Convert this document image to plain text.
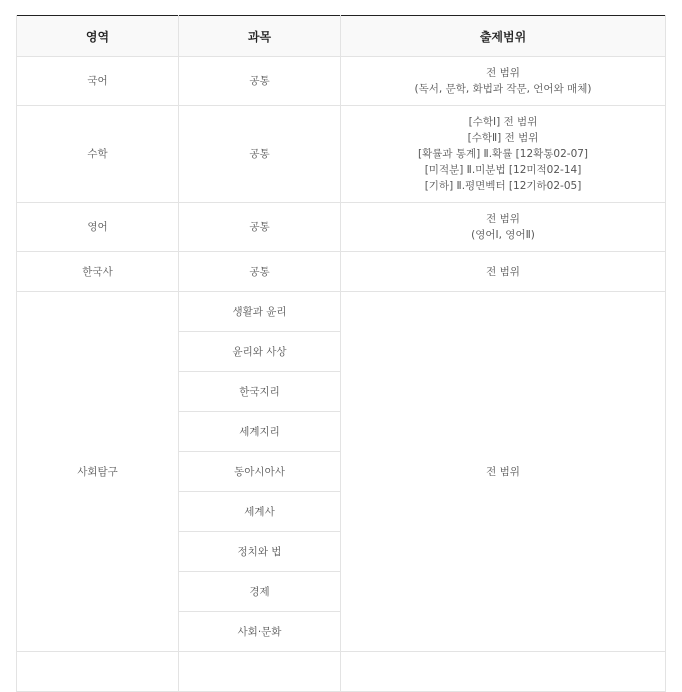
영역	과목	출제범위
국어	공통	전 범위
(독서, 문학, 화법과 작문, 언어와 매체)

수학	공통	[수학Ⅰ] 전 범위
[수학Ⅱ] 전 범위
[확률과 통계] Ⅱ.확률 [12확통02-07]
[미적분] Ⅱ.미분법 [12미적02-14]
[기하] Ⅱ.평면벡터 [12기하02-05]

영어	공통	전 범위
(영어Ⅰ, 영어Ⅱ)

한국사	공통	전 범위
사회탐구	생활과 윤리	전 범위
	윤리와 사상	
	한국지리	
	세계지리	
	동아시아사	
	세계사	
	정치와 법	
	경제	
	사회·문화	
